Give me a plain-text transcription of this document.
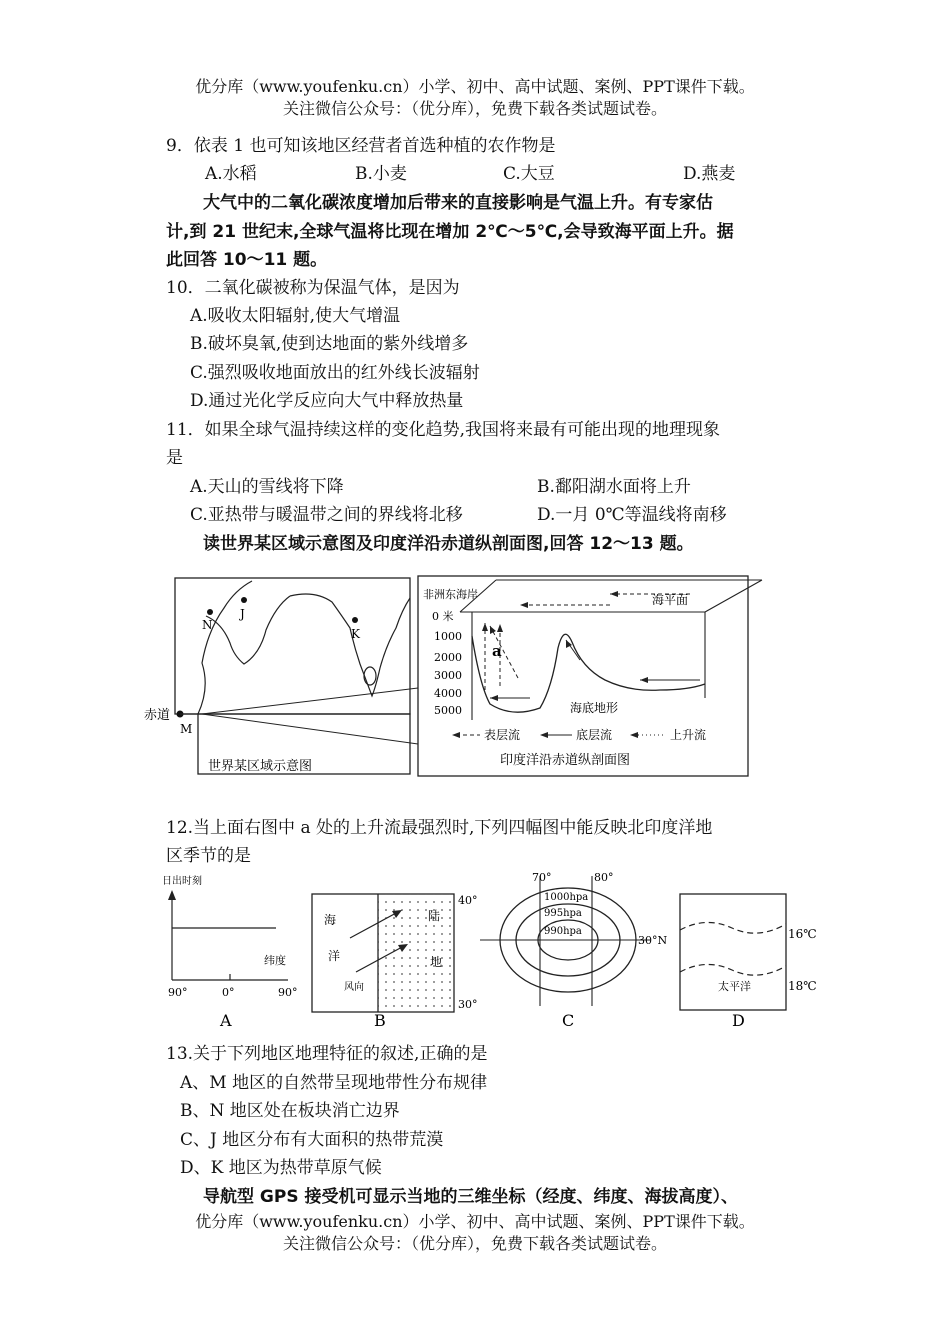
优分库（www.youfenku.cn）小学、初中、高中试题、案例、PPT课件下载。
关注微信公众号：（优分库），免费下载各类试题试卷。
9．依表 1 也可知该地区经营者首选种植的农作物是
A.水稻	B.小麦	C.大豆	D.燕麦
大气中的二氧化碳浓度增加后带来的直接影响是气温上升。有专家估
计,到 21 世纪末,全球气温将比现在增加 2℃～5℃,会导致海平面上升。据
此回答 10～11 题。
10．二氧化碳被称为保温气体，是因为
A.吸收太阳辐射,使大气增温
B.破坏臭氧,使到达地面的紫外线增多
C.强烈吸收地面放出的红外线长波辐射
D.通过光化学反应向大气中释放热量
11．如果全球气温持续这样的变化趋势,我国将来最有可能出现的地理现象
是
A.天山的雪线将下降	B.鄱阳湖水面将上升
C.亚热带与暖温带之间的界线将北移	D.一月 0℃等温线将南移
读世界某区域示意图及印度洋沿赤道纵剖面图,回答 12～13 题。
N
J
K
M
赤道
世界某区域示意图
非洲东海岸	海平面
0 米
1000
2000
3000
4000
5000
a
海底地形
表层流	底层流	上升流
印度洋沿赤道纵剖面图
12.当上面右图中 a 处的上升流最强烈时,下列四幅图中能反映北印度洋地
区季节的是
日出时刻
纬度
90°	0°	90°
A
海
洋
陆
地
风向
40°
30°
B
70°	80°
1000hpa
995hpa
990hpa
30°N
C
16℃
18℃
太平洋
D
13.关于下列地区地理特征的叙述,正确的是
A、M 地区的自然带呈现地带性分布规律
B、N 地区处在板块消亡边界
C、J 地区分布有大面积的热带荒漠
D、K 地区为热带草原气候
导航型 GPS 接受机可显示当地的三维坐标（经度、纬度、海拔高度）、
优分库（www.youfenku.cn）小学、初中、高中试题、案例、PPT课件下载。
关注微信公众号：（优分库），免费下载各类试题试卷。
